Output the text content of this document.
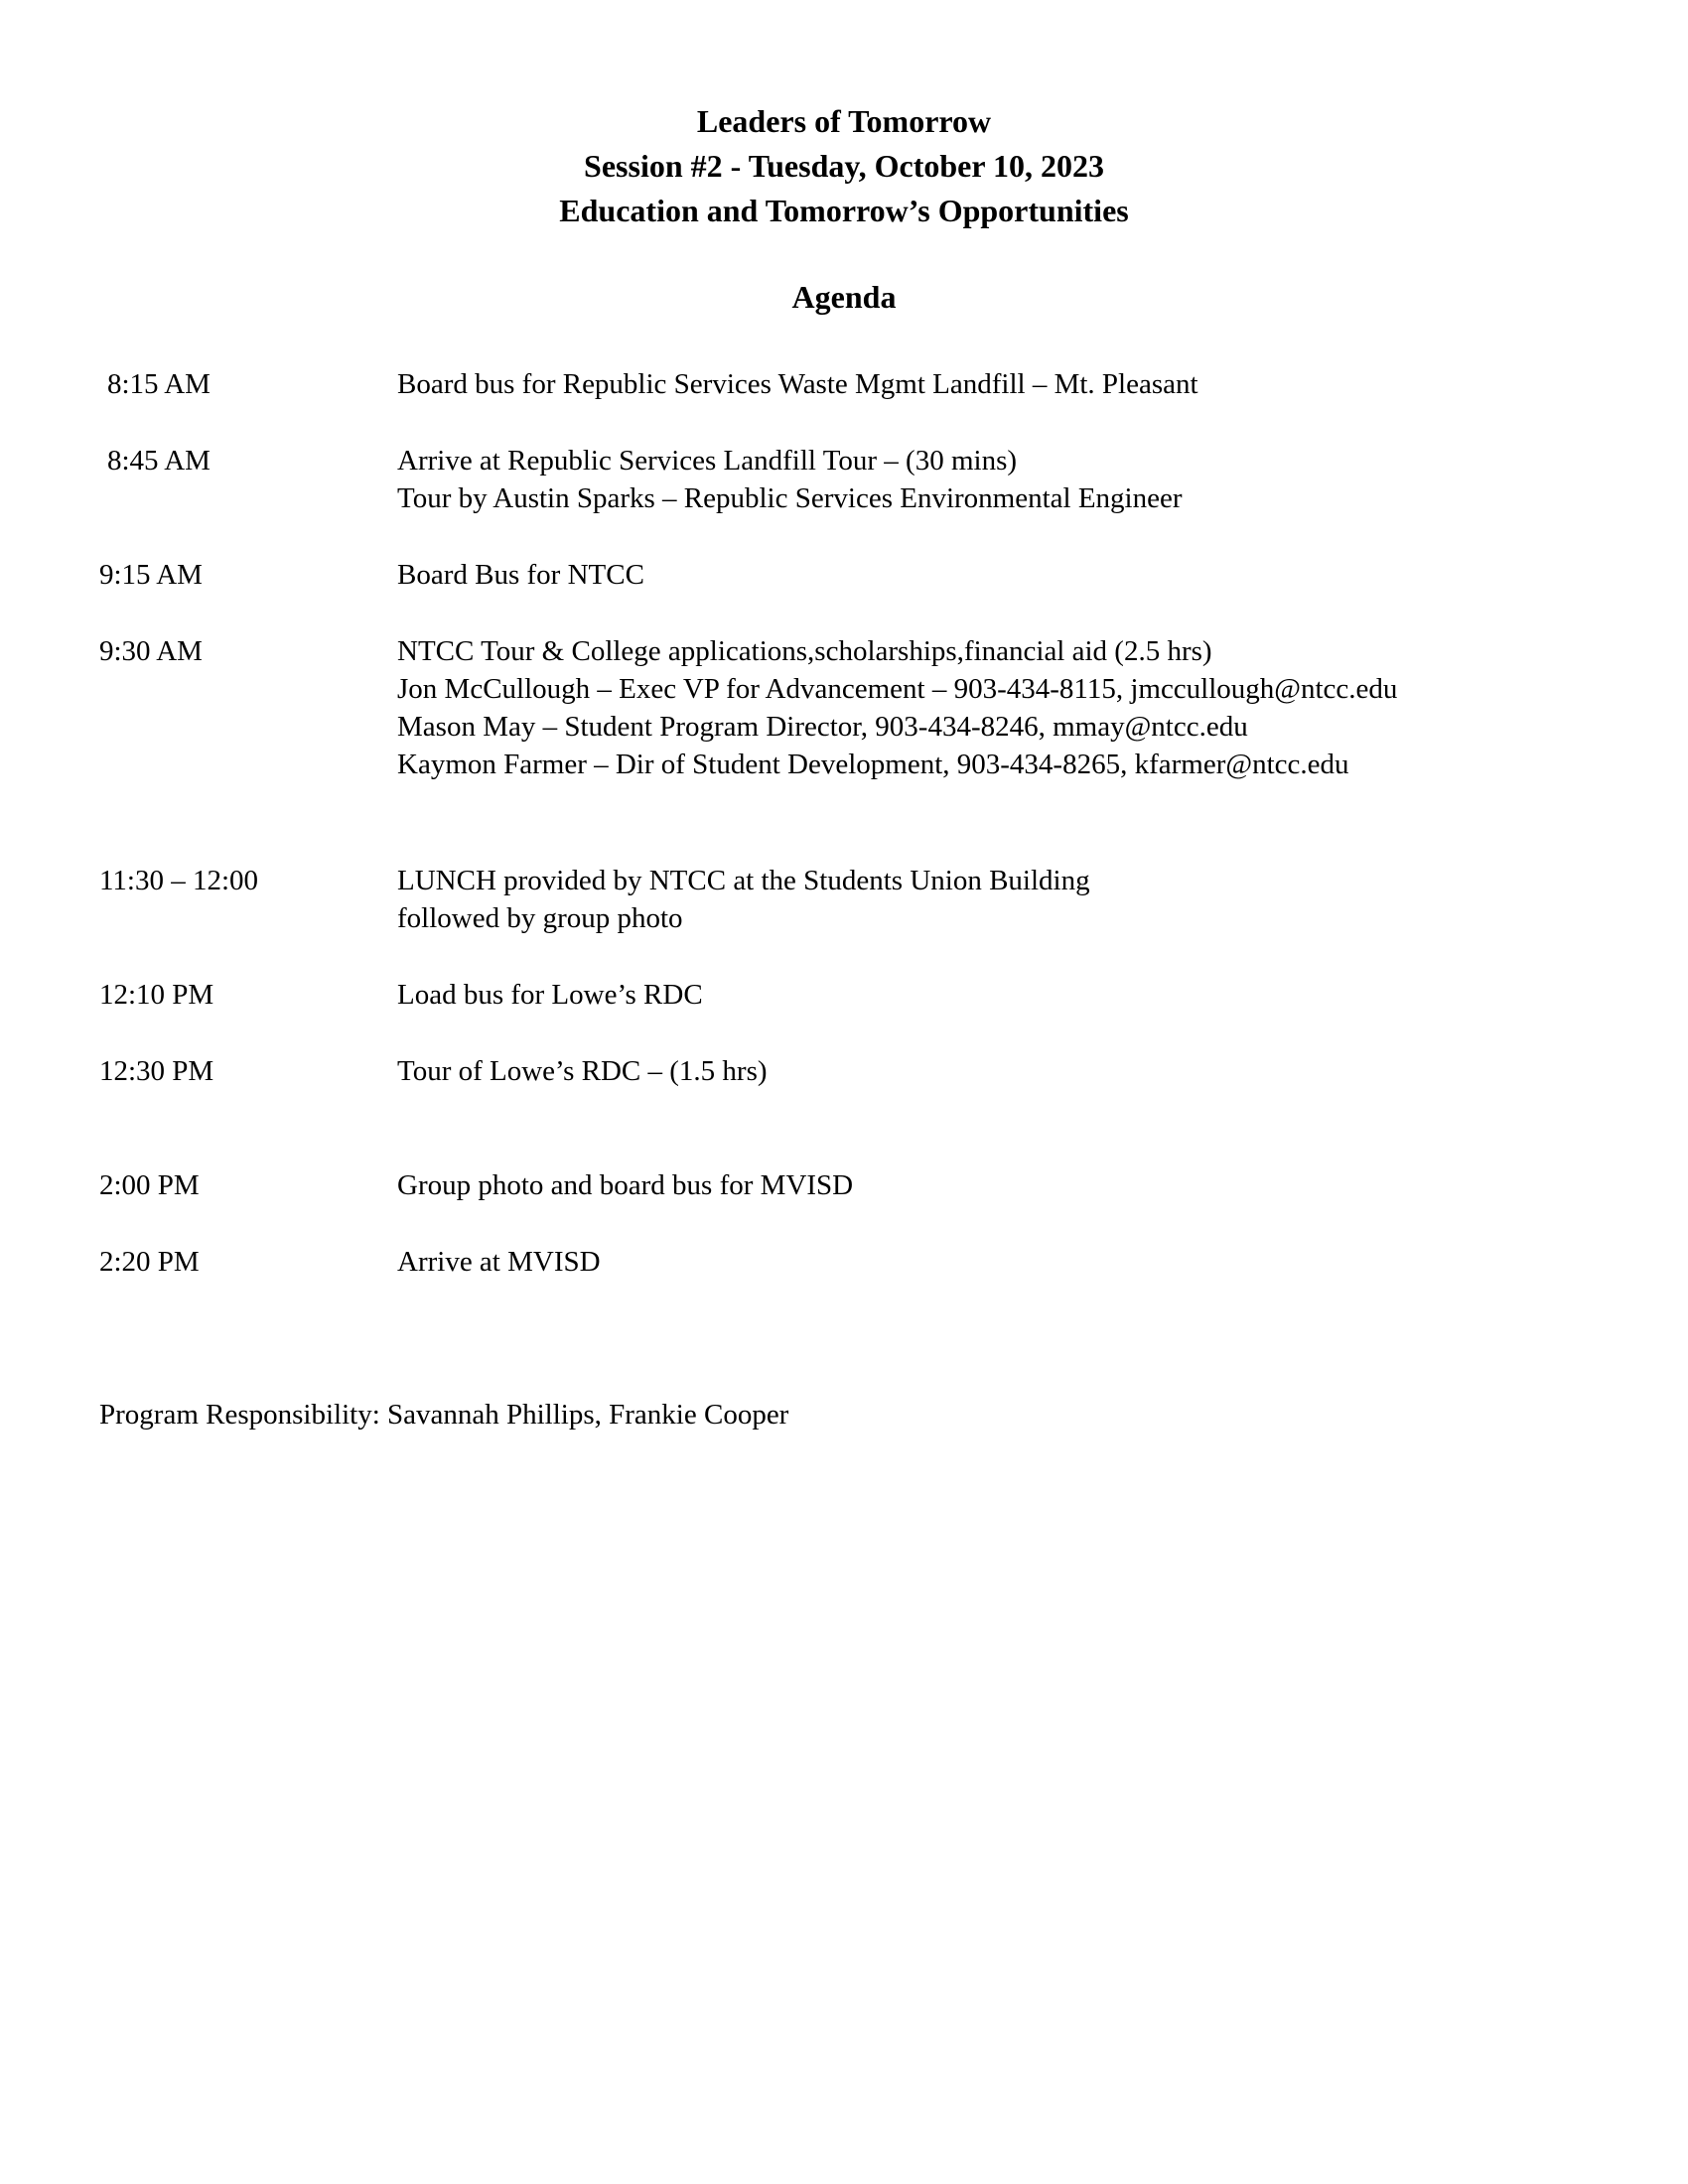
Leaders of Tomorrow
Session #2 - Tuesday, October 10, 2023
Education and Tomorrow’s Opportunities
Agenda
8:15 AM	Board bus for Republic Services Waste Mgmt Landfill – Mt. Pleasant
8:45 AM	Arrive at Republic Services Landfill Tour – (30 mins)
Tour by Austin Sparks – Republic Services Environmental Engineer
9:15 AM	Board Bus for NTCC
9:30 AM	NTCC Tour & College applications,scholarships,financial aid (2.5 hrs)
Jon McCullough – Exec VP for Advancement – 903-434-8115, jmccullough@ntcc.edu
Mason May – Student Program Director, 903-434-8246, mmay@ntcc.edu
Kaymon Farmer – Dir of Student Development, 903-434-8265, kfarmer@ntcc.edu
11:30 – 12:00	LUNCH provided by NTCC at the Students Union Building
followed by group photo
12:10 PM	Load bus for Lowe’s RDC
12:30 PM	Tour of Lowe’s RDC – (1.5 hrs)
2:00 PM	Group photo and board bus for MVISD
2:20 PM	Arrive at MVISD
Program Responsibility: Savannah Phillips, Frankie Cooper
